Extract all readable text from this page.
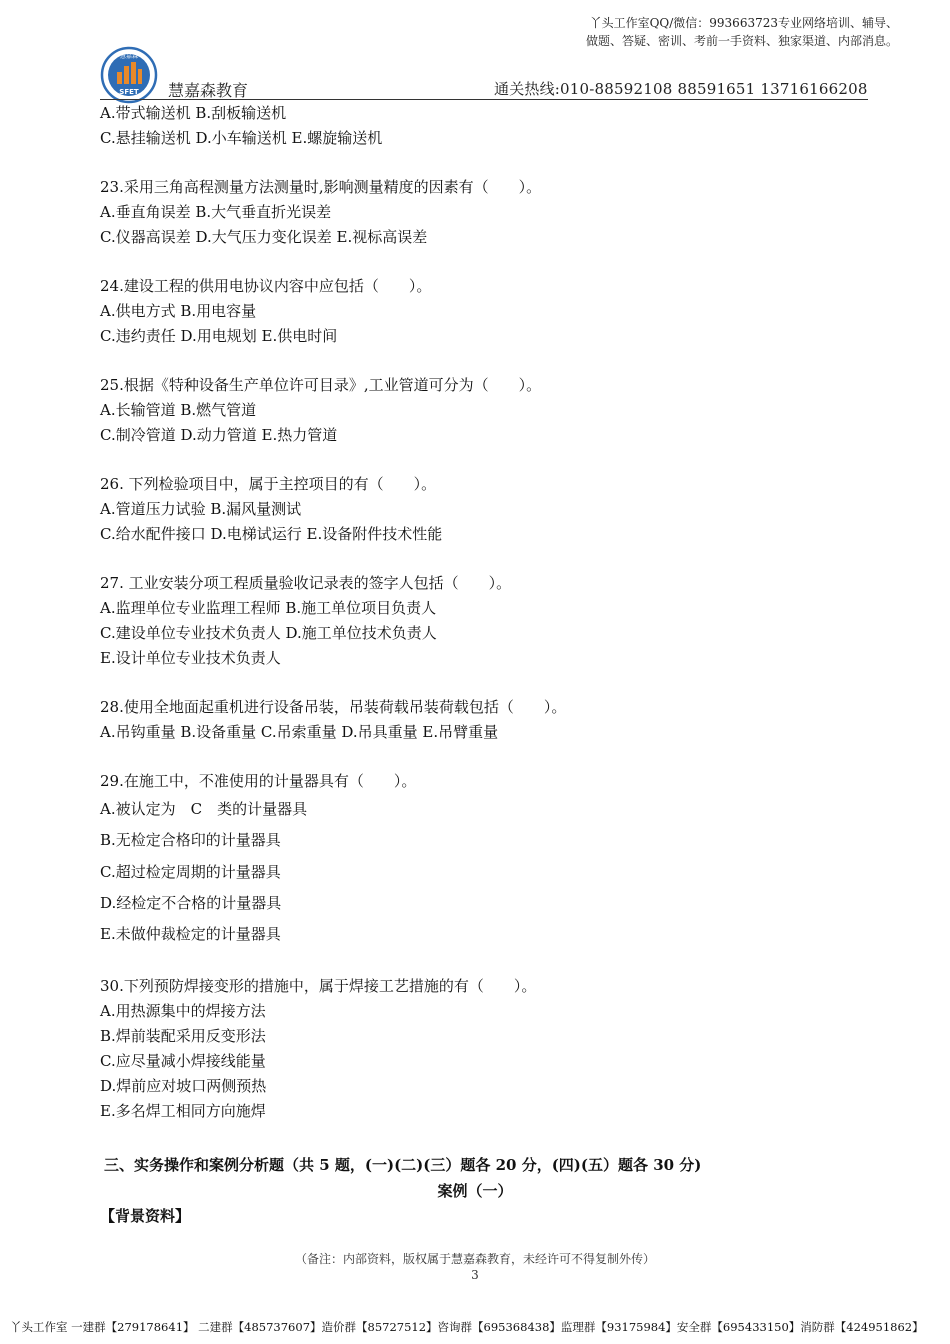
丫头工作室QQ/微信：993663723专业网络培训、辅导、
做题、答疑、密训、考前一手资料、独家渠道、内部消息。
慧嘉森
SFET 慧嘉森教育	通关热线:010-88592108 88591651 13716166208
A.带式输送机 B.刮板输送机
C.悬挂输送机 D.小车输送机 E.螺旋输送机
23.采用三角高程测量方法测量时,影响测量精度的因素有（　　）。
A.垂直角误差 B.大气垂直折光误差
C.仪器高误差 D.大气压力变化误差 E.视标高误差
24.建设工程的供用电协议内容中应包括（　　）。
A.供电方式 B.用电容量
C.违约责任 D.用电规划 E.供电时间
25.根据《特种设备生产单位许可目录》,工业管道可分为（　　）。
A.长输管道 B.燃气管道
C.制冷管道 D.动力管道 E.热力管道
26. 下列检验项目中，属于主控项目的有（　　）。
A.管道压力试验 B.漏风量测试
C.给水配件接口 D.电梯试运行 E.设备附件技术性能
27. 工业安装分项工程质量验收记录表的签字人包括（　　）。
A.监理单位专业监理工程师 B.施工单位项目负责人
C.建设单位专业技术负责人 D.施工单位技术负责人
E.设计单位专业技术负责人
28.使用全地面起重机进行设备吊装，吊装荷载吊装荷载包括（　　）。
A.吊钩重量 B.设备重量 C.吊索重量 D.吊具重量 E.吊臂重量
29.在施工中，不准使用的计量器具有（　　）。
A.被认定为　C　类的计量器具
B.无检定合格印的计量器具
C.超过检定周期的计量器具
D.经检定不合格的计量器具
E.未做仲裁检定的计量器具
30.下列预防焊接变形的措施中，属于焊接工艺措施的有（　　）。
A.用热源集中的焊接方法
B.焊前装配采用反变形法
C.应尽量减小焊接线能量
D.焊前应对坡口两侧预热
E.多名焊工相同方向施焊
三、实务操作和案例分析题（共 5 题，(一)(二)(三）题各 20 分，(四)(五）题各 30 分)
案例（一）
【背景资料】
（备注：内部资料，版权属于慧嘉森教育，未经许可不得复制外传）
3
丫头工作室 一建群【279178641】 二建群【485737607】造价群【85727512】咨询群【695368438】监理群【93175984】安全群【695433150】消防群【424951862】
